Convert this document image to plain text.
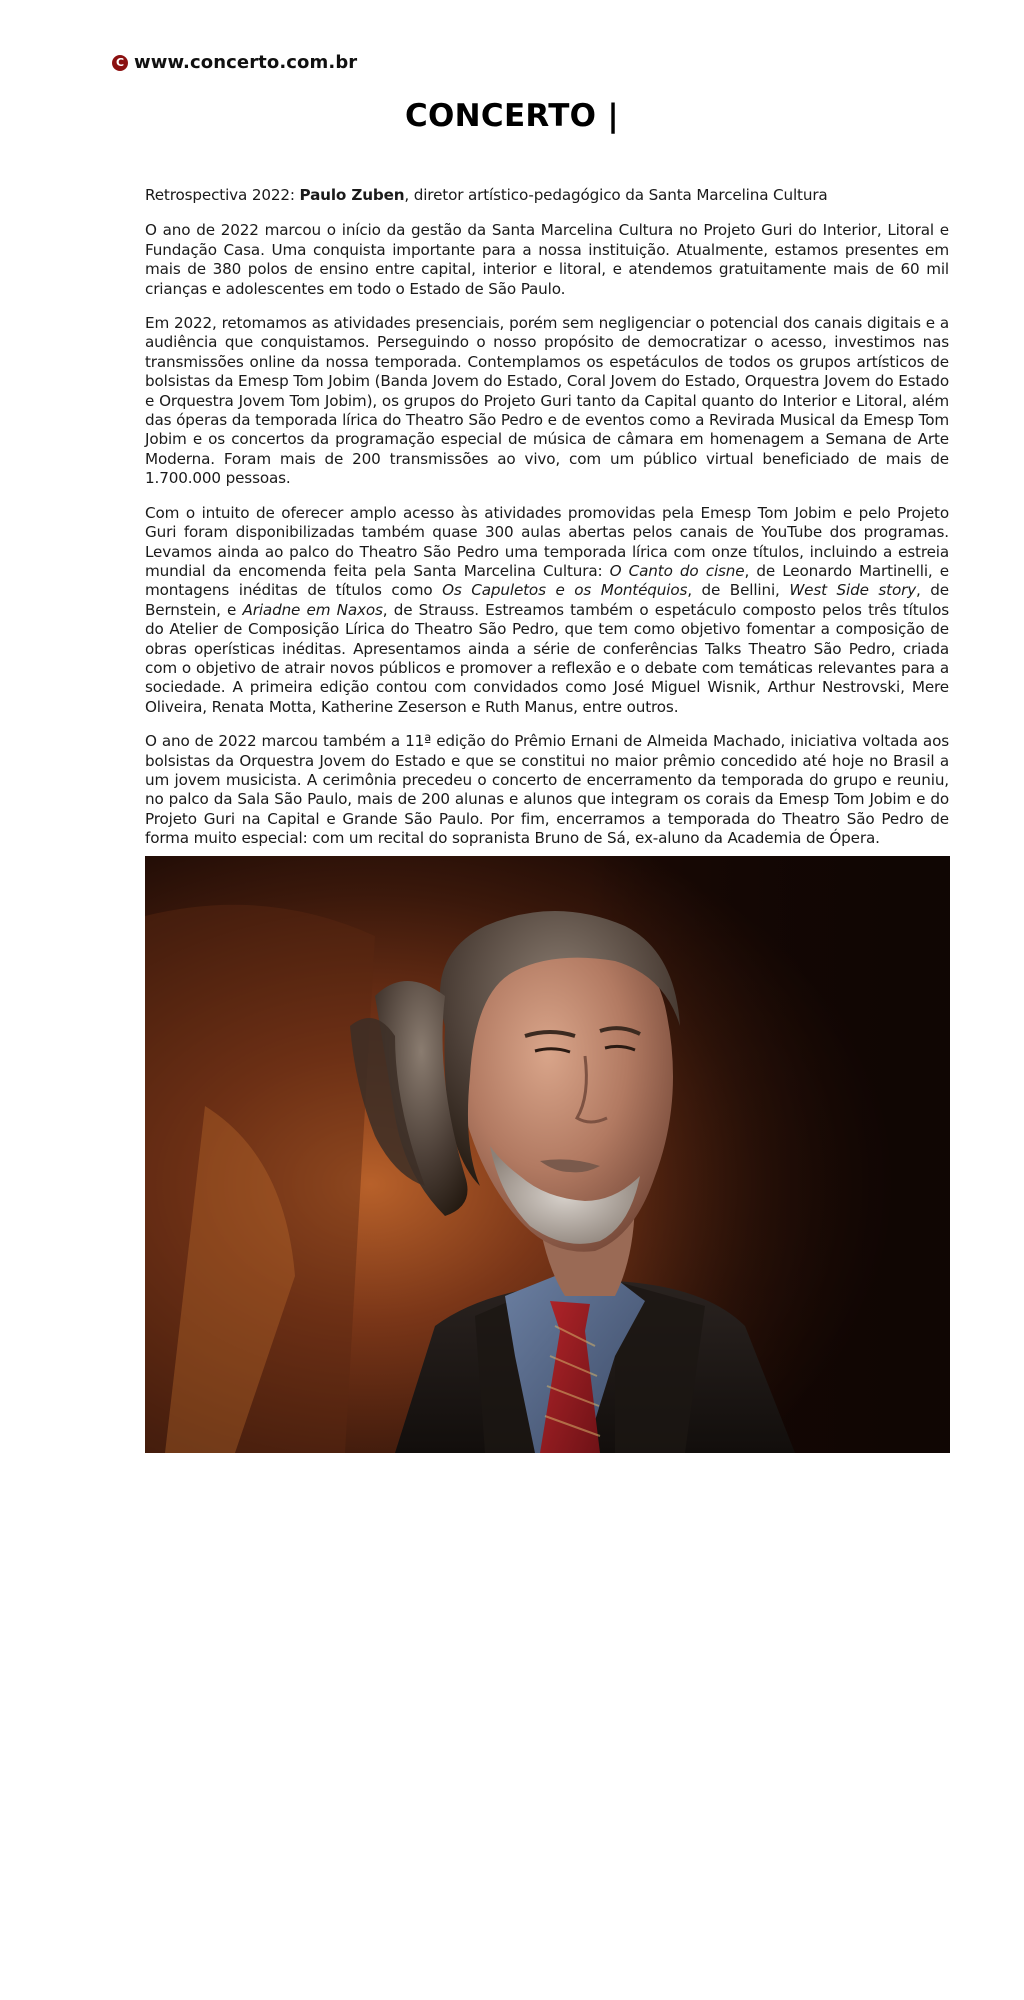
C www.concerto.com.br
CONCERTO |

Retrospectiva 2022: Paulo Zuben, diretor artístico-pedagógico da Santa Marcelina Cultura

O ano de 2022 marcou o início da gestão da Santa Marcelina Cultura no Projeto Guri do Interior, Litoral e Fundação Casa. Uma conquista importante para a nossa instituição. Atualmente, estamos presentes em mais de 380 polos de ensino entre capital, interior e litoral, e atendemos gratuitamente mais de 60 mil crianças e adolescentes em todo o Estado de São Paulo.

Em 2022, retomamos as atividades presenciais, porém sem negligenciar o potencial dos canais digitais e a audiência que conquistamos. Perseguindo o nosso propósito de democratizar o acesso, investimos nas transmissões online da nossa temporada. Contemplamos os espetáculos de todos os grupos artísticos de bolsistas da Emesp Tom Jobim (Banda Jovem do Estado, Coral Jovem do Estado, Orquestra Jovem do Estado e Orquestra Jovem Tom Jobim), os grupos do Projeto Guri tanto da Capital quanto do Interior e Litoral, além das óperas da temporada lírica do Theatro São Pedro e de eventos como a Revirada Musical da Emesp Tom Jobim e os concertos da programação especial de música de câmara em homenagem a Semana de Arte Moderna. Foram mais de 200 transmissões ao vivo, com um público virtual beneficiado de mais de 1.700.000 pessoas.

Com o intuito de oferecer amplo acesso às atividades promovidas pela Emesp Tom Jobim e pelo Projeto Guri foram disponibilizadas também quase 300 aulas abertas pelos canais de YouTube dos programas. Levamos ainda ao palco do Theatro São Pedro uma temporada lírica com onze títulos, incluindo a estreia mundial da encomenda feita pela Santa Marcelina Cultura: O Canto do cisne, de Leonardo Martinelli, e montagens inéditas de títulos como Os Capuletos e os Montéquios, de Bellini, West Side story, de Bernstein, e Ariadne em Naxos, de Strauss. Estreamos também o espetáculo composto pelos três títulos do Atelier de Composição Lírica do Theatro São Pedro, que tem como objetivo fomentar a composição de obras operísticas inéditas. Apresentamos ainda a série de conferências Talks Theatro São Pedro, criada com o objetivo de atrair novos públicos e promover a reflexão e o debate com temáticas relevantes para a sociedade. A primeira edição contou com convidados como José Miguel Wisnik, Arthur Nestrovski, Mere Oliveira, Renata Motta, Katherine Zeserson e Ruth Manus, entre outros.

O ano de 2022 marcou também a 11ª edição do Prêmio Ernani de Almeida Machado, iniciativa voltada aos bolsistas da Orquestra Jovem do Estado e que se constitui no maior prêmio concedido até hoje no Brasil a um jovem musicista. A cerimônia precedeu o concerto de encerramento da temporada do grupo e reuniu, no palco da Sala São Paulo, mais de 200 alunas e alunos que integram os corais da Emesp Tom Jobim e do Projeto Guri na Capital e Grande São Paulo. Por fim, encerramos a temporada do Theatro São Pedro de forma muito especial: com um recital do sopranista Bruno de Sá, ex-aluno da Academia de Ópera.
